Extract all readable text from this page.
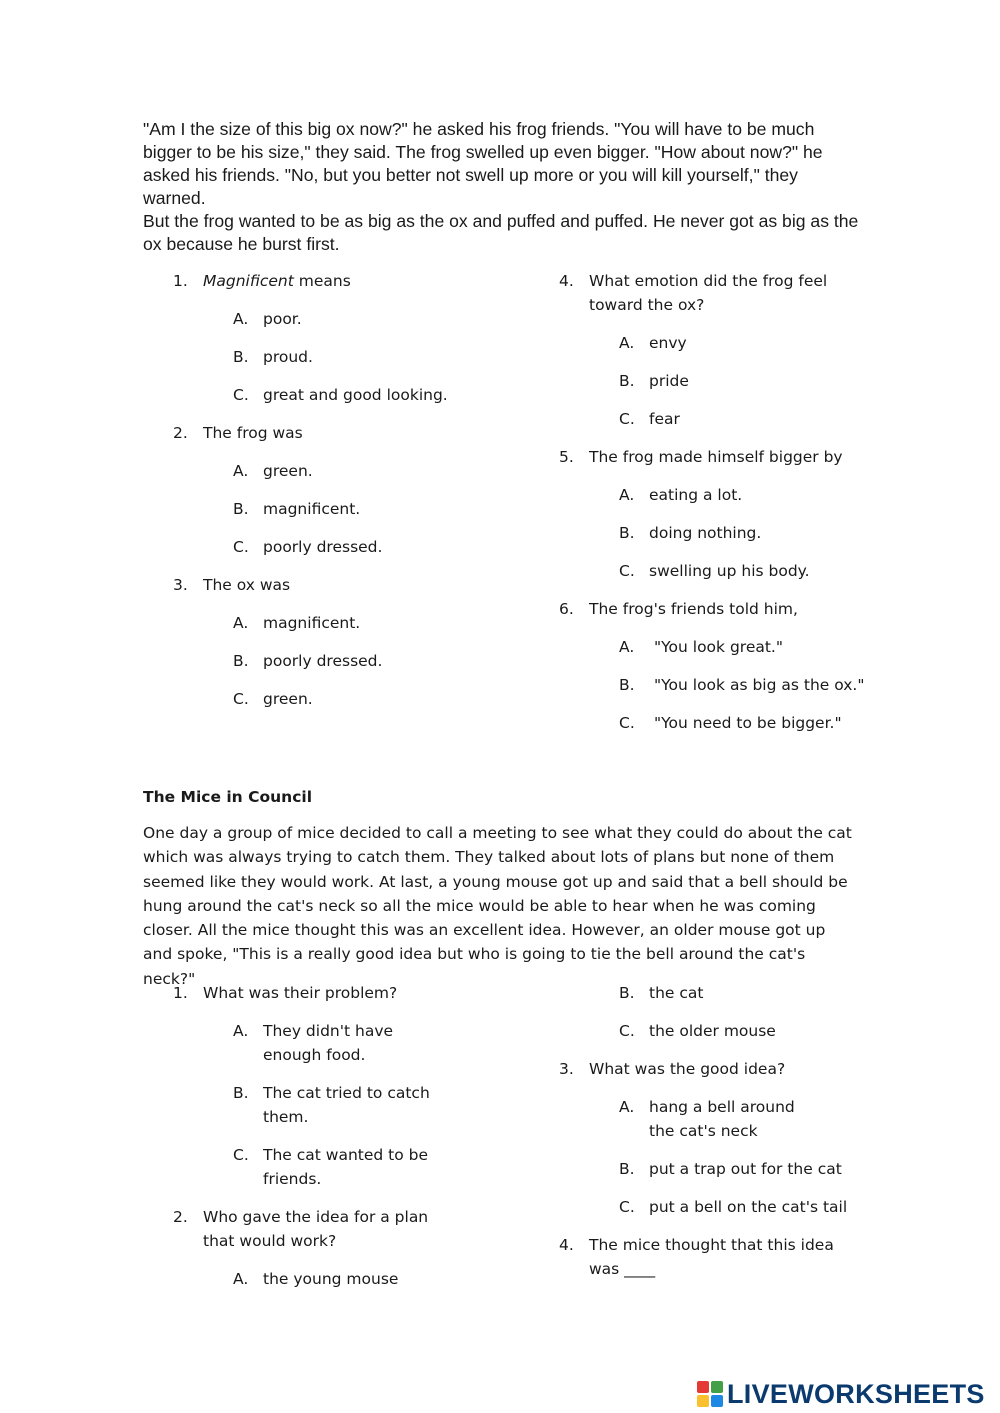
"Am I the size of this big ox now?" he asked his frog friends. "You will have to be much bigger to be his size," they said. The frog swelled up even bigger. "How about now?" he asked his friends. "No, but you better not swell up more or you will kill yourself," they warned.

But the frog wanted to be as big as the ox and puffed and puffed. He never got as big as the ox because he burst first.

1. Magnificent means
A. poor.
B. proud.
C. great and good looking.
2. The frog was
A. green.
B. magnificent.
C. poorly dressed.
3. The ox was
A. magnificent.
B. poorly dressed.
C. green.
4. What emotion did the frog feel toward the ox?
A. envy
B. pride
C. fear
5. The frog made himself bigger by
A. eating a lot.
B. doing nothing.
C. swelling up his body.
6. The frog's friends told him,
A. "You look great."
B. "You look as big as the ox."
C. "You need to be bigger."
The Mice in Council

One day a group of mice decided to call a meeting to see what they could do about the cat which was always trying to catch them. They talked about lots of plans but none of them seemed like they would work. At last, a young mouse got up and said that a bell should be hung around the cat's neck so all the mice would be able to hear when he was coming closer. All the mice thought this was an excellent idea. However, an older mouse got up and spoke, "This is a really good idea but who is going to tie the bell around the cat's neck?"

1. What was their problem?
A. They didn't have enough food.
B. The cat tried to catch them.
C. The cat wanted to be friends.
2. Who gave the idea for a plan that would work?
A. the young mouse
B. the cat
C. the older mouse
3. What was the good idea?
A. hang a bell around the cat's neck
B. put a trap out for the cat
C. put a bell on the cat's tail
4. The mice thought that this idea was ____
LIVEWORKSHEETS
